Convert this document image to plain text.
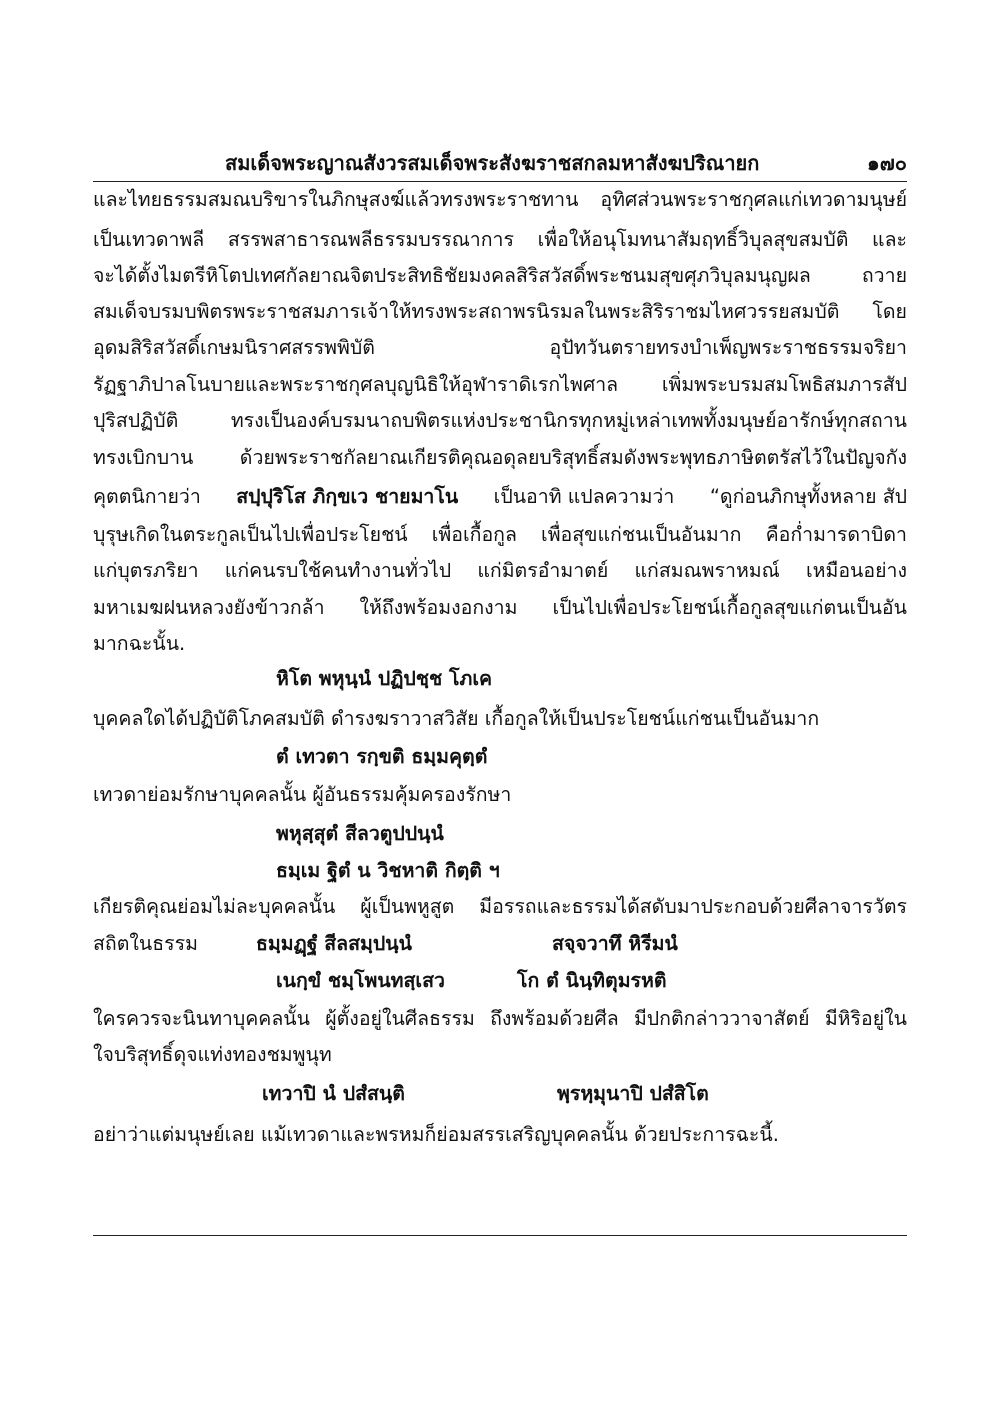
สมเด็จพระญาณสังวรสมเด็จพระสังฆราชสกลมหาสังฆปริณายก	๑๗๐
และไทยธรรมสมณบริขารในภิกษุสงฆ์แล้วทรงพระราชทาน อุทิศส่วนพระราชกุศลแก่เทวดามนุษย์
เป็นเทวดาพลี สรรพสาธารณพลีธรรมบรรณาการ เพื่อให้อนุโมทนาสัมฤทธิ์วิบุลสุขสมบัติ และ
จะได้ตั้งไมตรีหิโตปเทศกัลยาณจิตประสิทธิชัยมงคลสิริสวัสดิ์พระชนมสุขศุภวิบุลมนุญผล	ถวาย
สมเด็จบรมบพิตรพระราชสมภารเจ้าให้ทรงพระสถาพรนิรมลในพระสิริราชมไหศวรรยสมบัติ โดย
อุดมสิริสวัสดิ์เกษมนิราศสรรพพิบัติ	อุปัทวันตรายทรงบำเพ็ญพระราชธรรมจริยา
รัฏฐาภิปาลโนบายและพระราชกุศลบุญนิธิให้อุฬาราดิเรกไพศาล เพิ่มพระบรมสมโพธิสมภารสัป
ปุริสปฏิบัติ	ทรงเป็นองค์บรมนาถบพิตรแห่งประชานิกรทุกหมู่เหล่าเทพทั้งมนุษย์อารักษ์ทุกสถาน
ทรงเบิกบาน ด้วยพระราชกัลยาณเกียรติคุณอดุลยบริสุทธิ์สมดังพระพุทธภาษิตตรัสไว้ในปัญจกัง
คุตตนิกายว่า สปฺปุริโส ภิกฺขเว ชายมาโน เป็นอาทิ แปลความว่า “ดูก่อนภิกษุทั้งหลาย สัป
บุรุษเกิดในตระกูลเป็นไปเพื่อประโยชน์ เพื่อเกื้อกูล เพื่อสุขแก่ชนเป็นอันมาก คือก่ำมารดาบิดา
แก่บุตรภริยา แก่คนรบใช้คนทำงานทั่วไป แก่มิตรอำมาตย์ แก่สมณพราหมณ์ เหมือนอย่าง
มหาเมฆฝนหลวงยังข้าวกล้า ให้ถึงพร้อมงอกงาม เป็นไปเพื่อประโยชน์เกื้อกูลสุขแก่ตนเป็นอัน
มากฉะนั้น.
หิโต พหุนฺนํ ปฏิปชฺช โภเค
บุคคลใดได้ปฏิบัติโภคสมบัติ ดำรงฆราวาสวิสัย เกื้อกูลให้เป็นประโยชน์แก่ชนเป็นอันมาก
ตํ เทวตา รกฺขติ ธมฺมคุตฺตํ
เทวดาย่อมรักษาบุคคลนั้น ผู้อันธรรมคุ้มครองรักษา
พหุสฺสุตํ สีลวตูปปนฺนํ
ธมฺเม ฐิตํ น วิชหาติ กิตฺติ ฯ
เกียรติคุณย่อมไม่ละบุคคลนั้น ผู้เป็นพหูสูต มีอรรถและธรรมได้สดับมาประกอบด้วยศีลาจารวัตร
สถิตในธรรม	ธมฺมฏฺฐํ สีลสมฺปนฺนํ	สจฺจวาทึ หิรีมนํ
เนกฺขํ ชมฺโพนทสฺเสว	โก ตํ นินฺทิตุมรหติ
ใครควรจะนินทาบุคคลนั้น ผู้ตั้งอยู่ในศีลธรรม ถึงพร้อมด้วยศีล มีปกติกล่าววาจาสัตย์ มีหิริอยู่ใน
ใจบริสุทธิ์ดุจแท่งทองชมพูนุท
เทวาปิ นํ ปสํสนฺติ	พฺรหฺมุนาปิ ปสํสิโต
อย่าว่าแต่มนุษย์เลย แม้เทวดาและพรหมก็ย่อมสรรเสริญบุคคลนั้น ด้วยประการฉะนี้.
